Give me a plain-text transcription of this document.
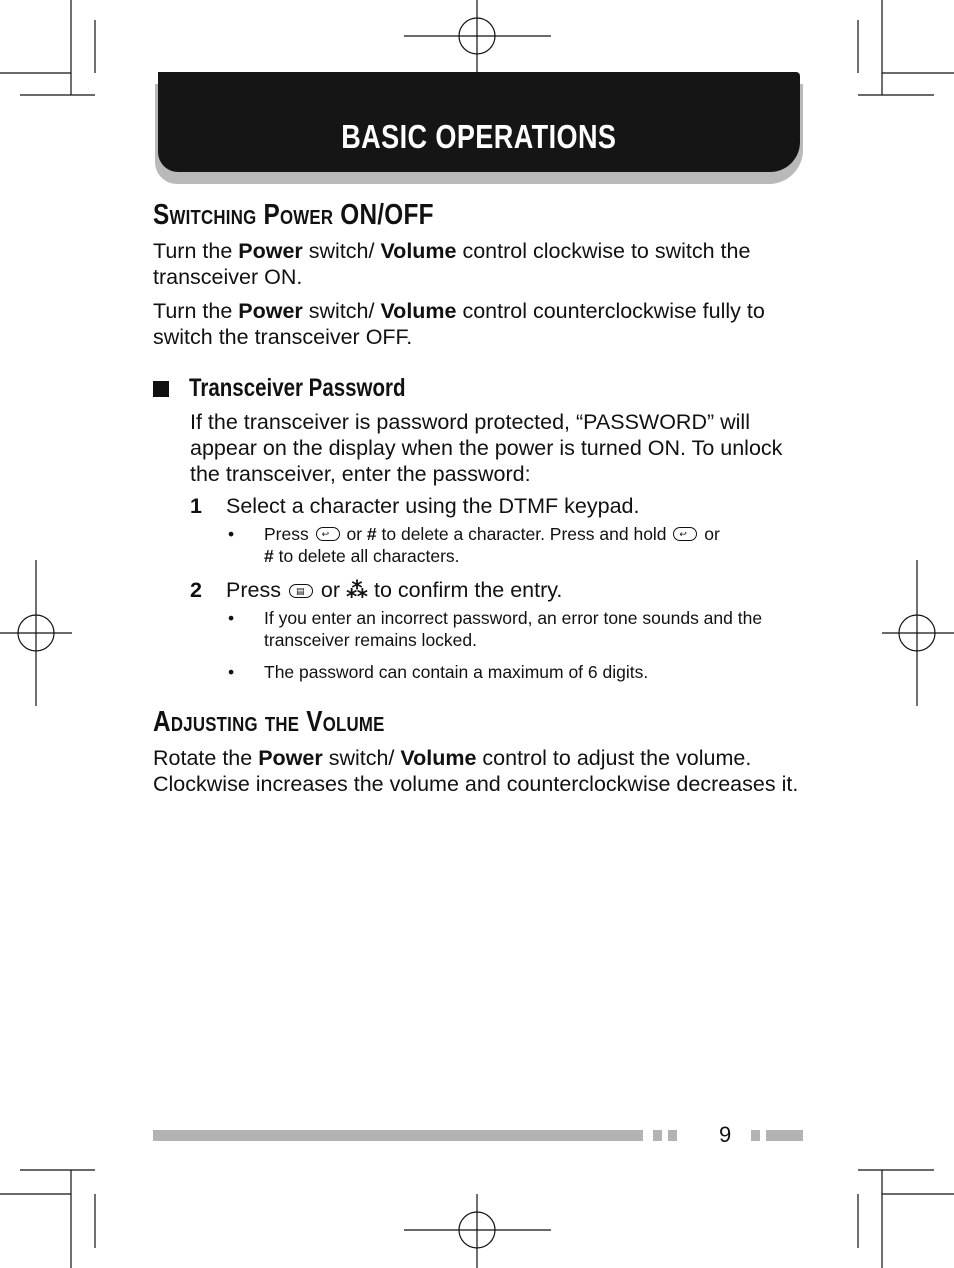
BASIC OPERATIONS
Switching Power ON/OFF

Turn the Power switch/ Volume control clockwise to switch the transceiver ON.

Turn the Power switch/ Volume control counterclockwise fully to switch the transceiver OFF.

Transceiver Password

If the transceiver is password protected, “PASSWORD” will appear on the display when the power is turned ON. To unlock the transceiver, enter the password:

1	Select a character using the DTMF keypad.
•	Press ↩ or # to delete a character. Press and hold ↩ or
# to delete all characters.
2	Press ▤ or ⁂ to confirm the entry.
•	If you enter an incorrect password, an error tone sounds and the transceiver remains locked.
•	The password can contain a maximum of 6 digits.
Adjusting the Volume

Rotate the Power switch/ Volume control to adjust the volume. Clockwise increases the volume and counterclockwise decreases it.

9
